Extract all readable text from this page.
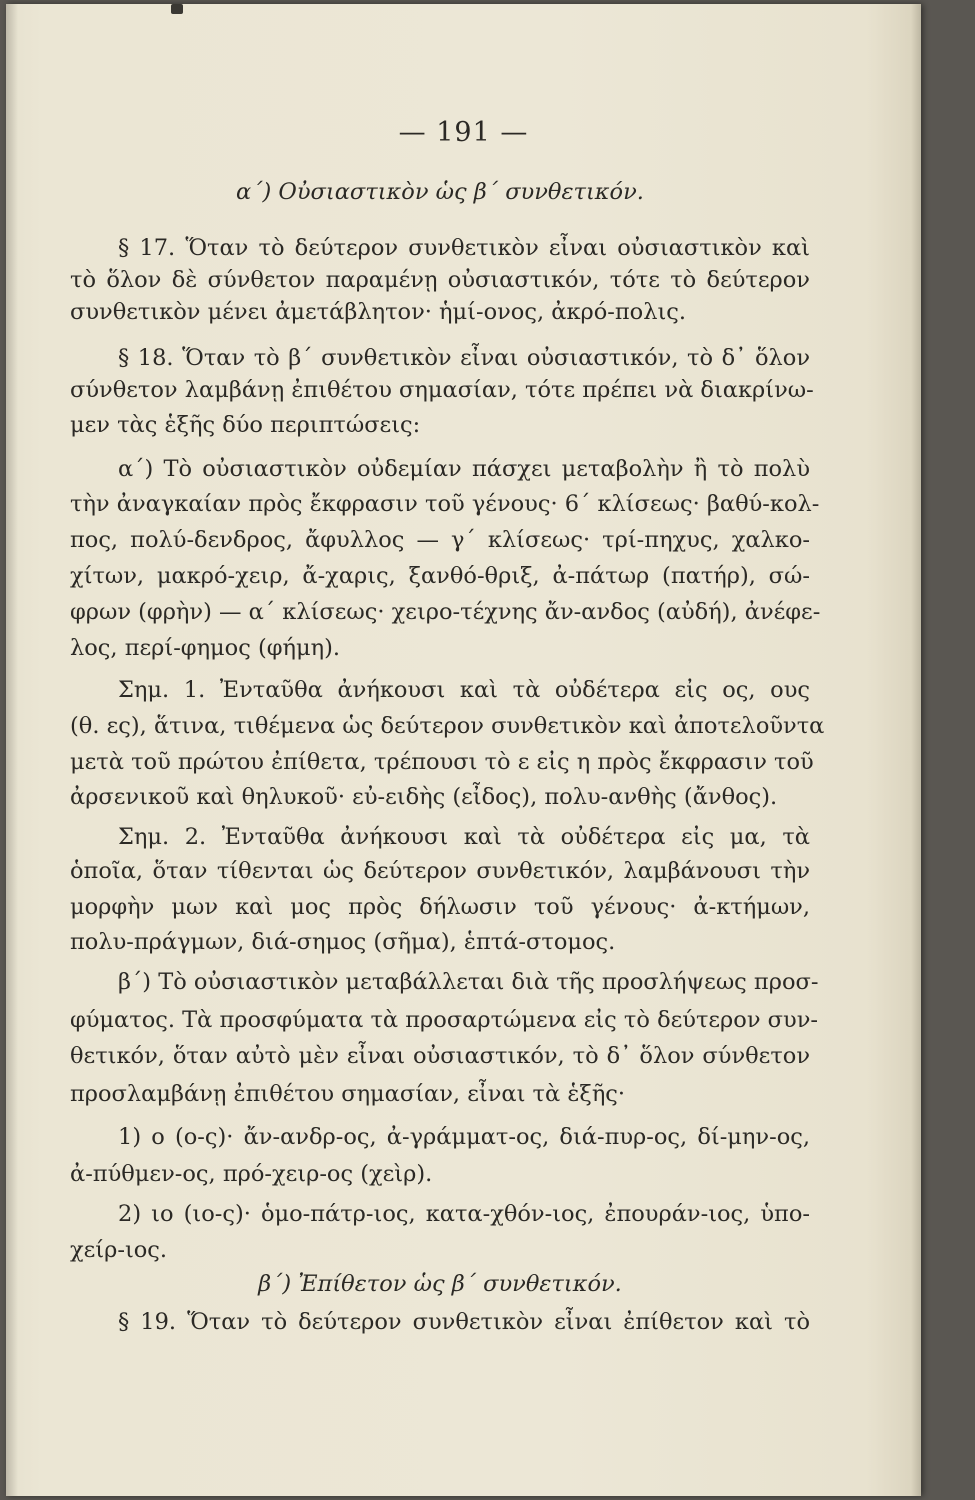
— 191 —
α΄) Οὐσιαστικὸν ὡς β΄ συνθετικόν.
§ 17. Ὅταν τὸ δεύτερον συνθετικὸν εἶναι οὐσιαστικὸν καὶ
τὸ ὅλον δὲ σύνθετον παραμένῃ οὐσιαστικόν, τότε τὸ δεύτερον
συνθετικὸν μένει ἀμετάβλητον· ἡμί-ονος, ἀκρό-πολις.
§ 18. Ὅταν τὸ β΄ συνθετικὸν εἶναι οὐσιαστικόν, τὸ δ᾿ ὅλον
σύνθετον λαμβάνῃ ἐπιθέτου σημασίαν, τότε πρέπει νὰ διακρίνω-
μεν τὰς ἑξῆς δύο περιπτώσεις:
α΄) Τὸ οὐσιαστικὸν οὐδεμίαν πάσχει μεταβολὴν ἢ τὸ πολὺ
τὴν ἀναγκαίαν πρὸς ἔκφρασιν τοῦ γένους· 6΄ κλίσεως· βαθύ-κολ-
πος, πολύ-δενδρος, ἄφυλλος — γ΄ κλίσεως· τρί-πηχυς, χαλκο-
χίτων, μακρό-χειρ, ἄ-χαρις, ξανθό-θριξ, ἀ-πάτωρ (πατήρ), σώ-
φρων (φρὴν) — α΄ κλίσεως· χειρο-τέχνης ἄν-ανδος (αὐδή), ἀνέφε-
λος, περί-φημος (φήμη).
Σημ. 1. Ἐνταῦθα ἀνήκουσι καὶ τὰ οὐδέτερα εἰς ος, ους
(θ. ες), ἅτινα, τιθέμενα ὡς δεύτερον συνθετικὸν καὶ ἀποτελοῦντα
μετὰ τοῦ πρώτου ἐπίθετα, τρέπουσι τὸ ε εἰς η πρὸς ἔκφρασιν τοῦ
ἀρσενικοῦ καὶ θηλυκοῦ· εὐ-ειδὴς (εἶδος), πολυ-ανθὴς (ἄνθος).
Σημ. 2. Ἐνταῦθα ἀνήκουσι καὶ τὰ οὐδέτερα εἰς μα, τὰ
ὁποῖα, ὅταν τίθενται ὡς δεύτερον συνθετικόν, λαμβάνουσι τὴν
μορφὴν μων καὶ μος πρὸς δήλωσιν τοῦ γένους· ἀ-κτήμων,
πολυ-πράγμων, διά-σημος (σῆμα), ἑπτά-στομος.
β΄) Τὸ οὐσιαστικὸν μεταβάλλεται διὰ τῆς προσλήψεως προσ-
φύματος. Τὰ προσφύματα τὰ προσαρτώμενα εἰς τὸ δεύτερον συν-
θετικόν, ὅταν αὐτὸ μὲν εἶναι οὐσιαστικόν, τὸ δ᾿ ὅλον σύνθετον
προσλαμβάνῃ ἐπιθέτου σημασίαν, εἶναι τὰ ἑξῆς·
1) ο (ο-ς)· ἄν-ανδρ-ος, ἀ-γράμματ-ος, διά-πυρ-ος, δί-μην-ος,
ἀ-πύθμεν-ος, πρό-χειρ-ος (χεὶρ).
2) ιο (ιο-ς)· ὁμο-πάτρ-ιος, κατα-χθόν-ιος, ἐπουράν-ιος, ὑπο-
χείρ-ιος.
β΄) Ἐπίθετον ὡς β΄ συνθετικόν.
§ 19. Ὅταν τὸ δεύτερον συνθετικὸν εἶναι ἐπίθετον καὶ τὸ
